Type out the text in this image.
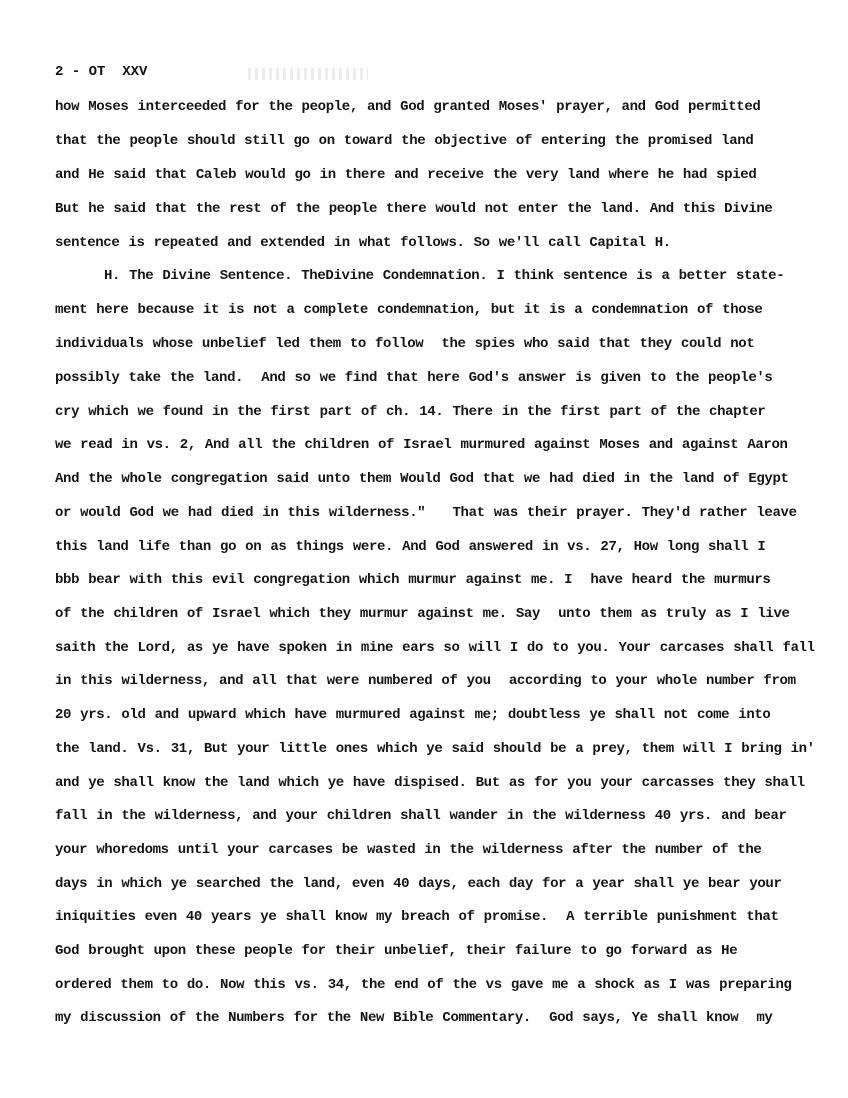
2 - OT  XXV
how Moses interceeded for the people, and God granted Moses' prayer, and God permitted
that the people should still go on toward the objective of entering the promised land
and He said that Caleb would go in there and receive the very land where he had spied
But he said that the rest of the people there would not enter the land. And this Divine
sentence is repeated and extended in what follows. So we'll call Capital H.
H. The Divine Sentence. TheDivine Condemnation. I think sentence is a better state-
ment here because it is not a complete condemnation, but it is a condemnation of those
individuals whose unbelief led them to follow  the spies who said that they could not
possibly take the land.  And so we find that here God's answer is given to the people's
cry which we found in the first part of ch. 14. There in the first part of the chapter
we read in vs. 2, And all the children of Israel murmured against Moses and against Aaron
And the whole congregation said unto them Would God that we had died in the land of Egypt
or would God we had died in this wilderness."   That was their prayer. They'd rather leave
this land life than go on as things were. And God answered in vs. 27, How long shall I
bbb bear with this evil congregation which murmur against me. I  have heard the murmurs
of the children of Israel which they murmur against me. Say  unto them as truly as I live
saith the Lord, as ye have spoken in mine ears so will I do to you. Your carcases shall fall
in this wilderness, and all that were numbered of you  according to your whole number from
20 yrs. old and upward which have murmured against me; doubtless ye shall not come into
the land. Vs. 31, But your little ones which ye said should be a prey, them will I bring in'
and ye shall know the land which ye have dispised. But as for you your carcasses they shall
fall in the wilderness, and your children shall wander in the wilderness 40 yrs. and bear
your whoredoms until your carcases be wasted in the wilderness after the number of the
days in which ye searched the land, even 40 days, each day for a year shall ye bear your
iniquities even 40 years ye shall know my breach of promise.  A terrible punishment that
God brought upon these people for their unbelief, their failure to go forward as He
ordered them to do. Now this vs. 34, the end of the vs gave me a shock as I was preparing
my discussion of the Numbers for the New Bible Commentary.  God says, Ye shall know  my
